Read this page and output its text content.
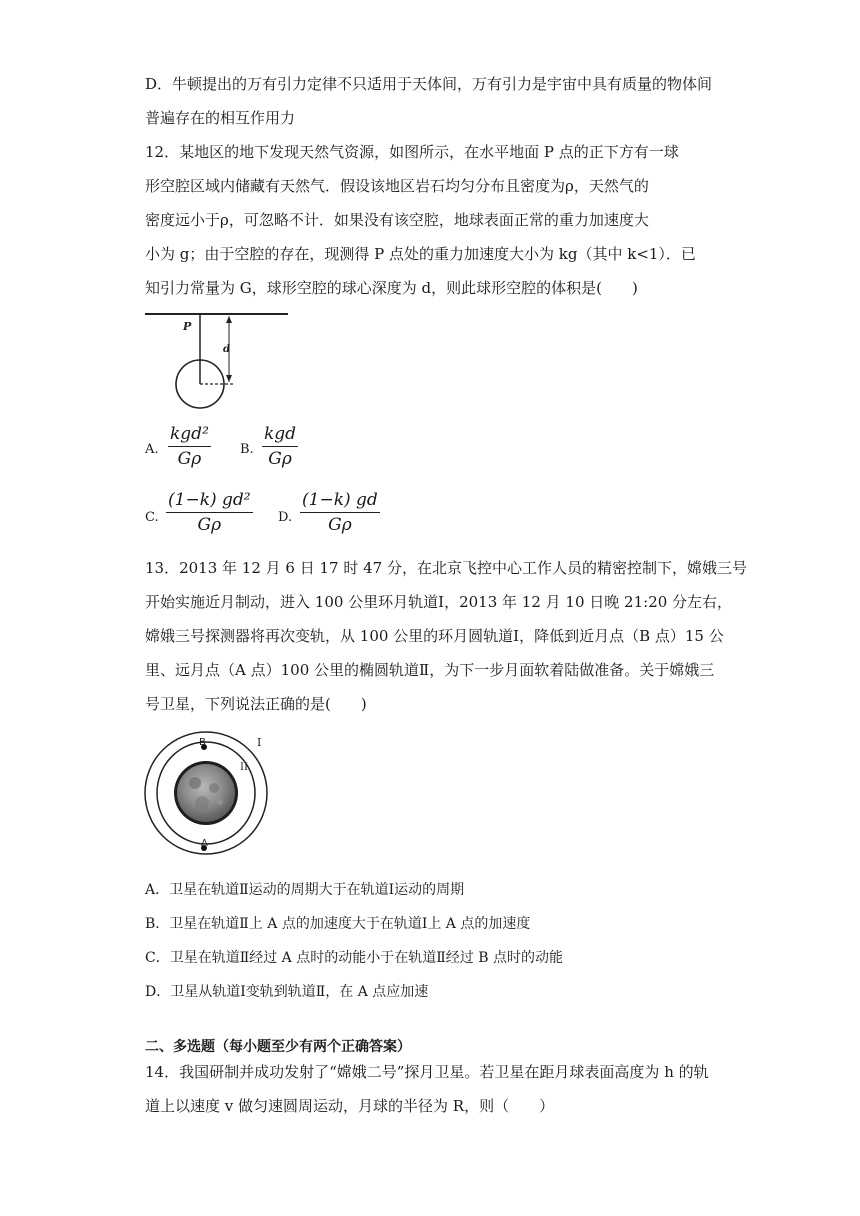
D．牛顿提出的万有引力定律不只适用于天体间，万有引力是宇宙中具有质量的物体间
普遍存在的相互作用力
12．某地区的地下发现天然气资源，如图所示，在水平地面 P 点的正下方有一球
形空腔区域内储藏有天然气．假设该地区岩石均匀分布且密度为ρ，天然气的
密度远小于ρ，可忽略不计．如果没有该空腔，地球表面正常的重力加速度大
小为 g；由于空腔的存在，现测得 P 点处的重力加速度大小为 kg（其中 k<1）．已
知引力常量为 G，球形空腔的球心深度为 d，则此球形空腔的体积是(　　)
P
d
A.
kgd²
Gρ	B.
kgd
Gρ
C. $\frac{\text{(1−k) gd²}}{G\rho} D$. $\frac{(1-k) gd}{G\rho}$
13．2013 年 12 月 6 日 17 时 47 分，在北京飞控中心工作人员的精密控制下，嫦娥三号
开始实施近月制动，进入 100 公里环月轨道Ⅰ，2013 年 12 月 10 日晚 21:20 分左右，
嫦娥三号探测器将再次变轨，从 100 公里的环月圆轨道Ⅰ，降低到近月点（B 点）15 公
里、远月点（A 点）100 公里的椭圆轨道Ⅱ，为下一步月面软着陆做准备。关于嫦娥三
号卫星，下列说法正确的是(　　)
B
A
I
II
A．卫星在轨道Ⅱ运动的周期大于在轨道Ⅰ运动的周期
B．卫星在轨道Ⅱ上 A 点的加速度大于在轨道Ⅰ上 A 点的加速度
C．卫星在轨道Ⅱ经过 A 点时的动能小于在轨道Ⅱ经过 B 点时的动能
D．卫星从轨道Ⅰ变轨到轨道Ⅱ，在 A 点应加速
二、多选题（每小题至少有两个正确答案）
14．我国研制并成功发射了“嫦娥二号”探月卫星。若卫星在距月球表面高度为 h 的轨
道上以速度 v 做匀速圆周运动，月球的半径为 R，则（　　）
